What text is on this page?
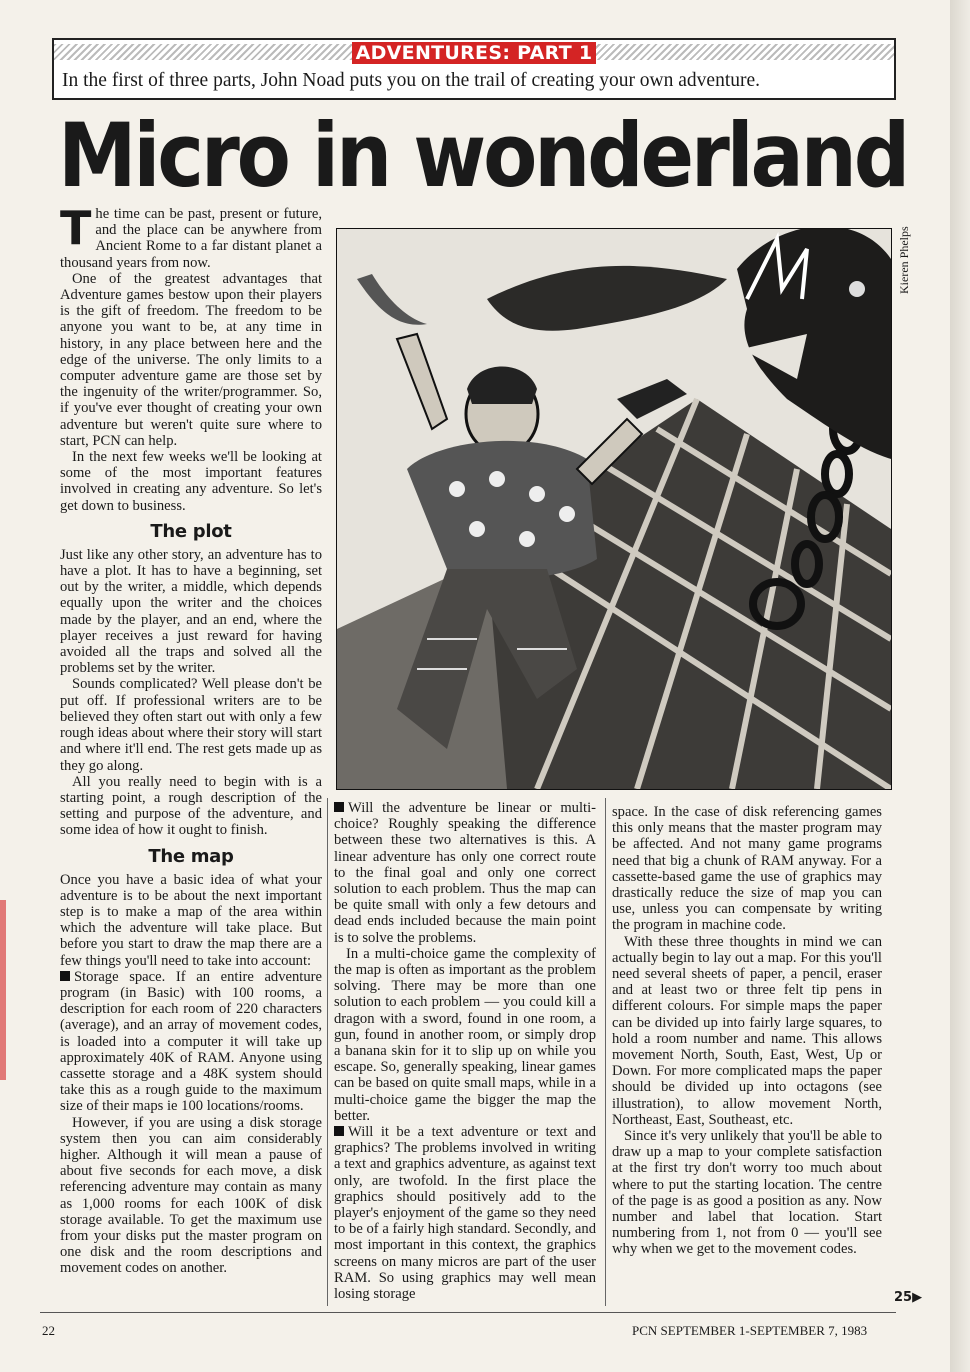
ADVENTURES: PART 1
In the first of three parts, John Noad puts you on the trail of creating your own adventure.
Micro in wonderland

The time can be past, present or future, and the place can be anywhere from Ancient Rome to a far distant planet a thousand years from now.

One of the greatest advantages that Adventure games bestow upon their players is the gift of freedom. The freedom to be anyone you want to be, at any time in history, in any place between here and the edge of the universe. The only limits to a computer adventure game are those set by the ingenuity of the writer/programmer. So, if you've ever thought of creating your own adventure but weren't quite sure where to start, PCN can help.

In the next few weeks we'll be looking at some of the most important features involved in creating any adventure. So let's get down to business.

The plot

Just like any other story, an adventure has to have a plot. It has to have a beginning, set out by the writer, a middle, which depends equally upon the writer and the choices made by the player, and an end, where the player receives a just reward for having avoided all the traps and solved all the problems set by the writer.

Sounds complicated? Well please don't be put off. If professional writers are to be believed they often start out with only a few rough ideas about where their story will start and where it'll end. The rest gets made up as they go along.

All you really need to begin with is a starting point, a rough description of the setting and purpose of the adventure, and some idea of how it ought to finish.

The map

Once you have a basic idea of what your adventure is to be about the next important step is to make a map of the area within which the adventure will take place. But before you start to draw the map there are a few things you'll need to take into account:

Storage space. If an entire adventure program (in Basic) with 100 rooms, a description for each room of 220 characters (average), and an array of movement codes, is loaded into a computer it will take up approximately 40K of RAM. Anyone using cassette storage and a 48K system should take this as a rough guide to the maximum size of their maps ie 100 locations/rooms.

However, if you are using a disk storage system then you can aim considerably higher. Although it will mean a pause of about five seconds for each move, a disk referencing adventure may contain as many as 1,000 rooms for each 100K of disk storage available. To get the maximum use from your disks put the master program on one disk and the room descriptions and movement codes on another.

Kieren Phelps

Will the adventure be linear or multi-choice? Roughly speaking the difference between these two alternatives is this. A linear adventure has only one correct route to the final goal and only one correct solution to each problem. Thus the map can be quite small with only a few detours and dead ends included because the main point is to solve the problems.

In a multi-choice game the complexity of the map is often as important as the problem solving. There may be more than one solution to each problem — you could kill a dragon with a sword, found in one room, a gun, found in another room, or simply drop a banana skin for it to slip up on while you escape. So, generally speaking, linear games can be based on quite small maps, while in a multi-choice game the bigger the map the better.

Will it be a text adventure or text and graphics? The problems involved in writing a text and graphics adventure, as against text only, are twofold. In the first place the graphics should positively add to the player's enjoyment of the game so they need to be of a fairly high standard. Secondly, and most important in this context, the graphics screens on many micros are part of the user RAM. So using graphics may well mean losing storage

space. In the case of disk referencing games this only means that the master program may be affected. And not many game programs need that big a chunk of RAM anyway. For a cassette-based game the use of graphics may drastically reduce the size of map you can use, unless you can compensate by writing the program in machine code.

With these three thoughts in mind we can actually begin to lay out a map. For this you'll need several sheets of paper, a pencil, eraser and at least two or three felt tip pens in different colours. For simple maps the paper can be divided up into fairly large squares, to hold a room number and name. This allows movement North, South, East, West, Up or Down. For more complicated maps the paper should be divided up into octagons (see illustration), to allow movement North, Northeast, East, Southeast, etc.

Since it's very unlikely that you'll be able to draw up a map to your complete satisfaction at the first try don't worry too much about where to put the starting location. The centre of the page is as good a position as any. Now number and label that location. Start numbering from 1, not from 0 — you'll see why when we get to the movement codes.

25▶
22	PCN SEPTEMBER 1-SEPTEMBER 7, 1983
